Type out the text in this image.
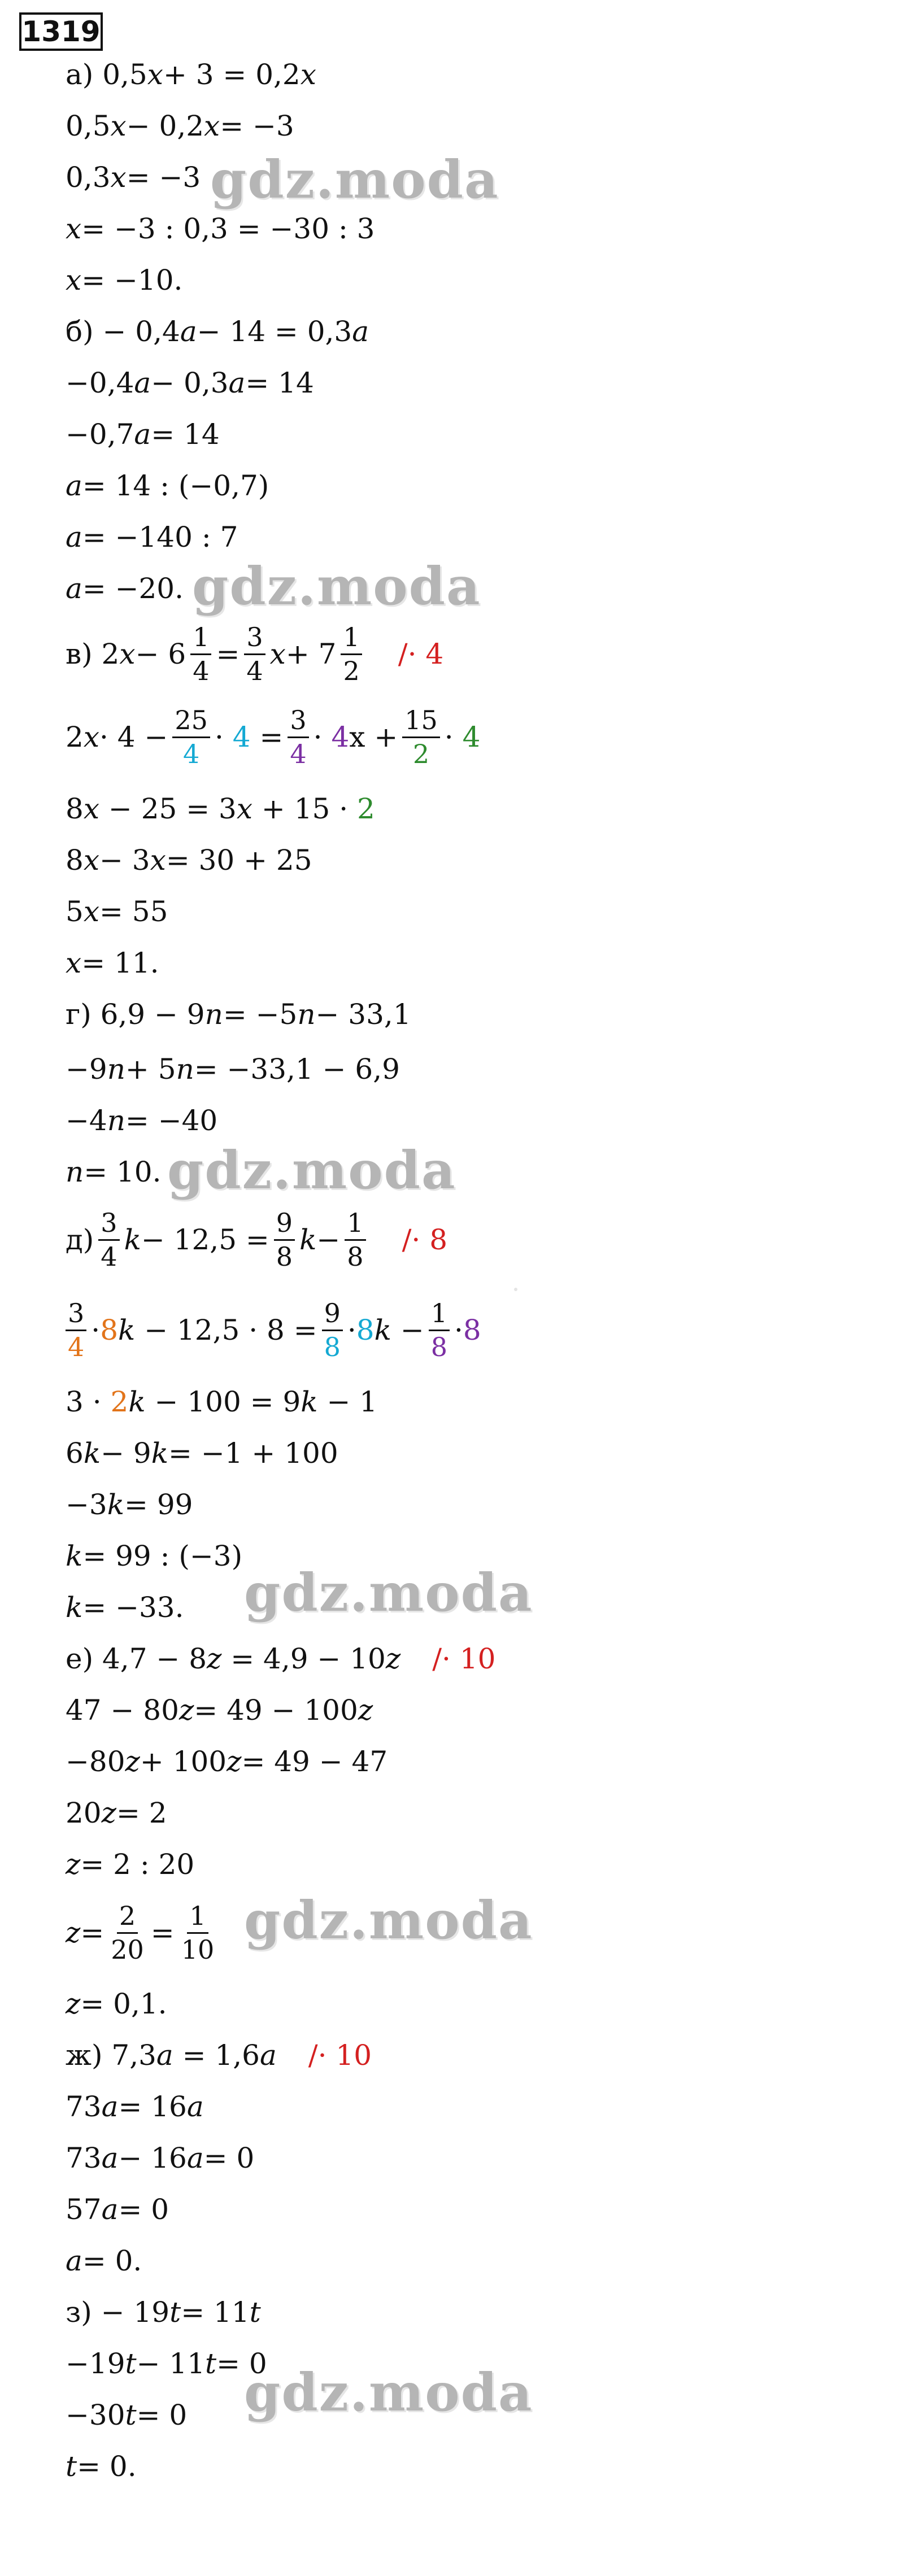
1319
а) 0,5 x + 3 = 0,2 x
0,5 x − 0,2 x = −3
0,3 x = −3
x = −3 : 0,3 = −30 : 3
x = −10.
б) − 0,4 a − 14 = 0,3 a
−0,4 a − 0,3 a = 14
−0,7 a = 14
a = 14 : (−0,7)
a = −140 : 7
a = −20.
в) 2 $x - 6 \frac{1}{4} = \frac{3}{4}$ x + 7
1
2
/· 4
2 $x \cdot 4 - \frac{25}{4} \cdot 4 = \frac{3}{4} \cdot 4$ $x + \frac{15}{2} \cdot 4$
8x − 25 = 3x + 15 ·
2
8 x − 3 x = 30 + 25
5 x = 55
x = 11.
г) 6,9 − 9 n = −5 n − 33,1
−9 n + 5 n = −33,1 − 6,9
−4 n = −40
n = 10.
д)
3
4
$k - 12,5 = \frac{9}{8}$ $k - \frac{1}{8} /\cdot 8$
3
4
· 8 $k - 12,5 \cdot 8 = \frac{9}{8} \cdot 8$ $k - \frac{1}{8} \cdot 8$
3 ·
2 k − 100 = 9k − 1
6 k − 9 k = −1 + 100
−3 k = 99
k = 99 : (−3)
k = −33.
е) 4,7 − 8z = 4,9 − 10z /· 10
47 − 80 z = 49 − 100 z
−80 z + 100 z = 49 − 47
20 z = 2
z = 2 : 20
$z = \frac{2}{20} = \frac{1}{10}$
z = 0,1.
ж) 7,3a = 1,6a /· 10
73 a = 16 a
73 a − 16 a = 0
57 a = 0
a = 0.
з) − 19 t = 11 t
−19 t − 11 t = 0
−30 t = 0
t = 0.
gdz.moda
gdz.moda
gdz.moda
gdz.moda
gdz.moda
gdz.moda
